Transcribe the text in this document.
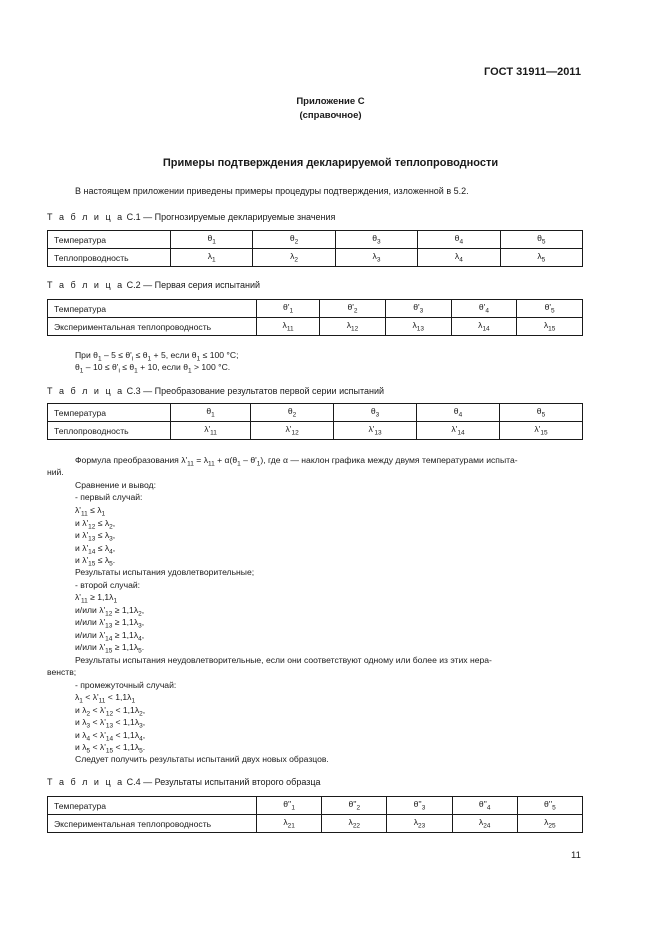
ГОСТ 31911—2011
Приложение С
(справочное)
Примеры подтверждения декларируемой теплопроводности
В настоящем приложении приведены примеры процедуры подтверждения, изложенной в 5.2.
Т а б л и ц а С.1 — Прогнозируемые декларируемые значения
Температура	$\theta_1$	$\theta_2$	$\theta_3$	$\theta_4$	$\theta_5$
Теплопроводность	$\lambda_1$	$\lambda_2$	$\lambda_3$	$\lambda_4$	$\lambda_5$
Т а б л и ц а С.2 — Первая серия испытаний
Температура	$\theta'_1$	$\theta'_2$	$\theta'_3$	$\theta'_4$	$\theta'_5$
Экспериментальная теплопроводность	$\lambda_{11}$	$\lambda_{12}$	$\lambda_{13}$	$\lambda_{14}$	$\lambda_{15}$
При $\theta_1 - 5 \le \theta'_i \le \theta_1 + 5$, если $\theta_1 \le 100$ °С;
$\theta_1 - 10 \le \theta'_i \le \theta_1 + 10$, если $\theta_1 > 100$ °С.
Т а б л и ц а С.3 — Преобразование результатов первой серии испытаний
Температура	$\theta_1$	$\theta_2$	$\theta_3$	$\theta_4$	$\theta_5$
Теплопроводность	$\lambda'_{11}$	$\lambda'_{12}$	$\lambda'_{13}$	$\lambda'_{14}$	$\lambda'_{15}$
Формула преобразования $\lambda'_{11} = \lambda_{11} + \alpha(\theta_1 - \theta'_1)$, где α — наклон графика между двумя температурами испыта-
ний.
Сравнение и вывод:
- первый случай:
$\lambda'_{11} \le \lambda_1$
и $\lambda'_{12} \le \lambda_2$,
и $\lambda'_{13} \le \lambda_3$,
и $\lambda'_{14} \le \lambda_4$,
и $\lambda'_{15} \le \lambda_5$.
Результаты испытания удовлетворительные;
- второй случай:
$\lambda'_{11} \ge 1,1\lambda_1$
и/или $\lambda'_{12} \ge 1,1\lambda_2$,
и/или $\lambda'_{13} \ge 1,1\lambda_3$,
и/или $\lambda'_{14} \ge 1,1\lambda_4$,
и/или $\lambda'_{15} \ge 1,1\lambda_5$.
Результаты испытания неудовлетворительные, если они соответствуют одному или более из этих нера-
венств;
- промежуточный случай:
$\lambda_1 < \lambda'_{11} < 1,1\lambda_1$
и $\lambda_2 < \lambda'_{12} < 1,1\lambda_2$,
и $\lambda_3 < \lambda'_{13} < 1,1\lambda_3$,
и $\lambda_4 < \lambda'_{14} < 1,1\lambda_4$,
и $\lambda_5 < \lambda'_{15} < 1,1\lambda_5$.
Следует получить результаты испытаний двух новых образцов.
Т а б л и ц а С.4 — Результаты испытаний второго образца
Температура	$\theta''_1$	$\theta''_2$	$\theta''_3$	$\theta''_4$	$\theta''_5$
Экспериментальная теплопроводность	$\lambda_{21}$	$\lambda_{22}$	$\lambda_{23}$	$\lambda_{24}$	$\lambda_{25}$
11
